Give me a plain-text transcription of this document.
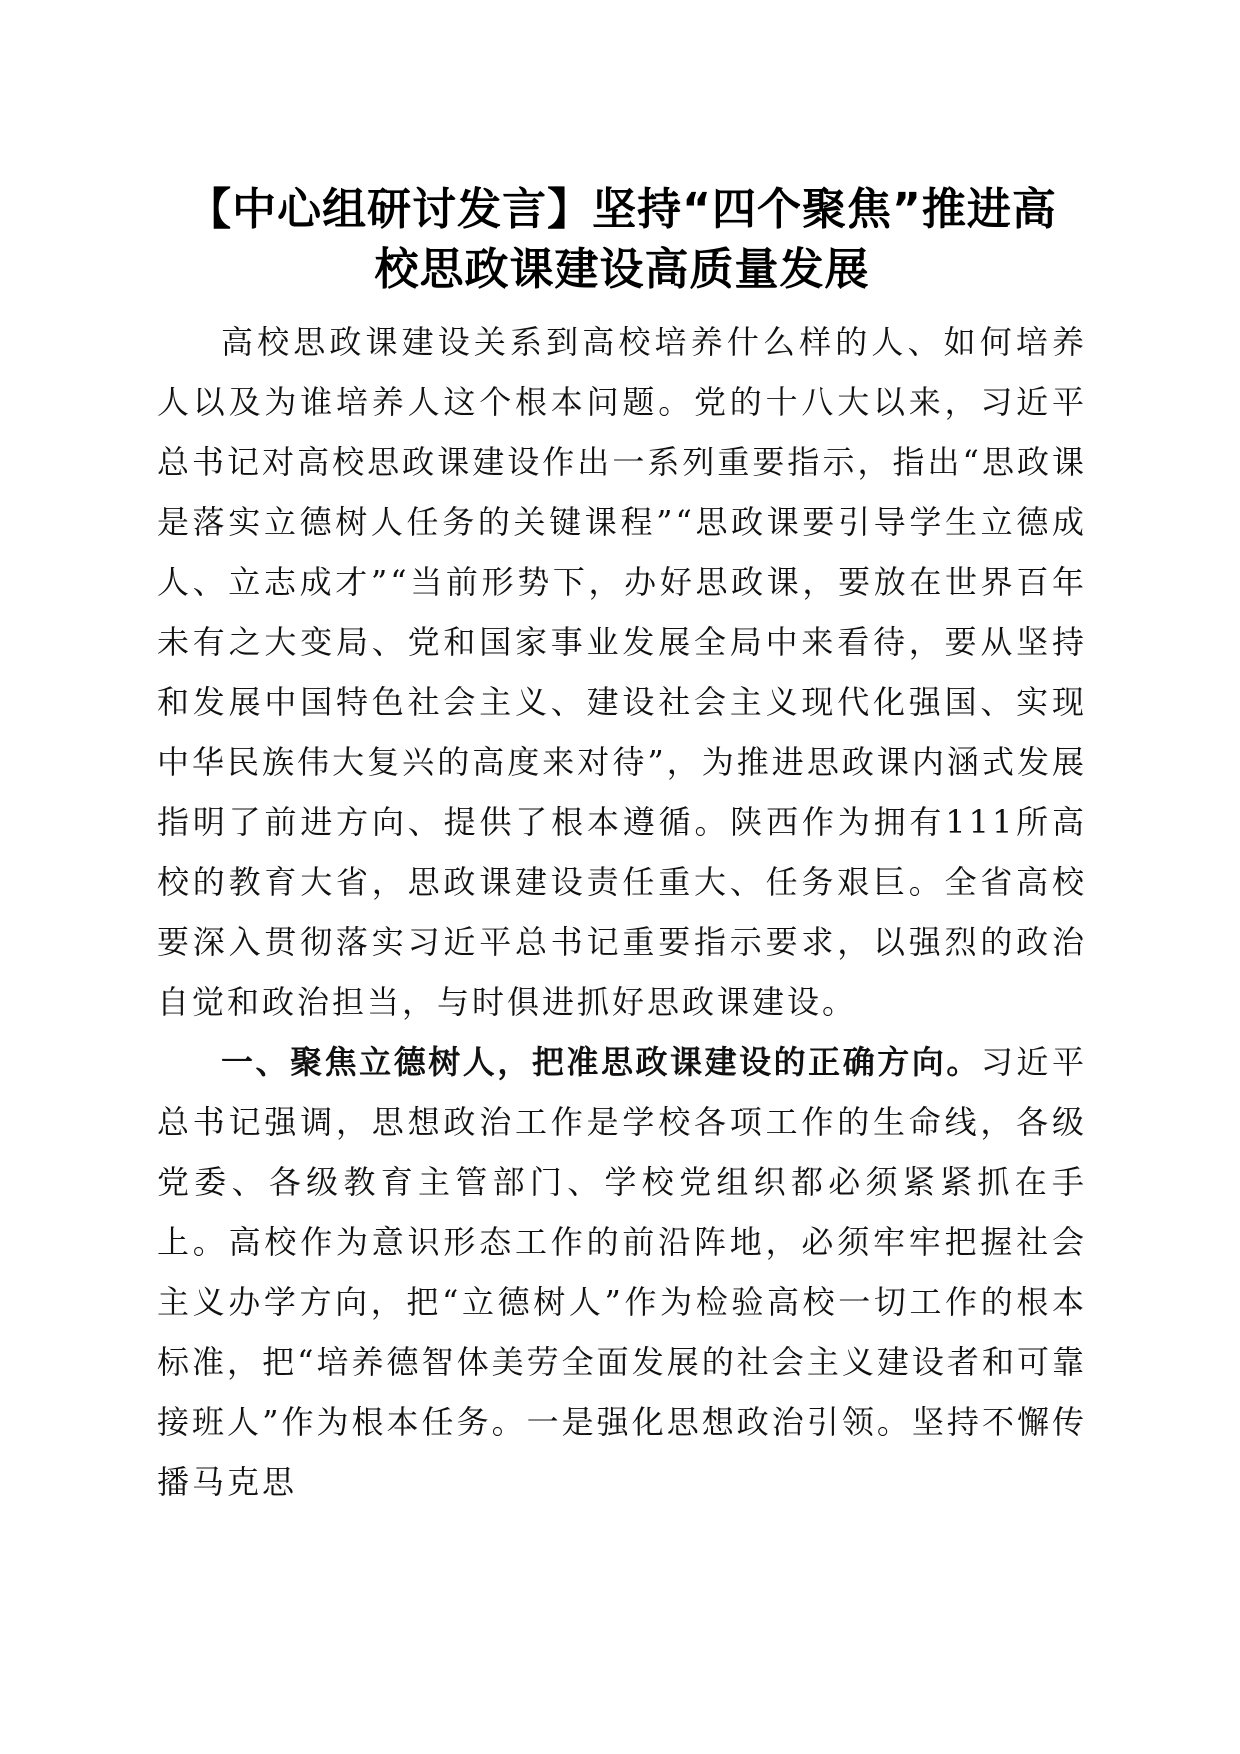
【中心组研讨发言】坚持“四个聚焦”推进高
校思政课建设高质量发展

高校思政课建设关系到高校培养什么样的人、如何培养人以及为谁培养人这个根本问题。党的十八大以来，习近平总书记对高校思政课建设作出一系列重要指示，指出“思政课是落实立德树人任务的关键课程”“思政课要引导学生立德成人、立志成才”“当前形势下，办好思政课，要放在世界百年未有之大变局、党和国家事业发展全局中来看待，要从坚持和发展中国特色社会主义、建设社会主义现代化强国、实现中华民族伟大复兴的高度来对待”，为推进思政课内涵式发展指明了前进方向、提供了根本遵循。陕西作为拥有111所高校的教育大省，思政课建设责任重大、任务艰巨。全省高校要深入贯彻落实习近平总书记重要指示要求，以强烈的政治自觉和政治担当，与时俱进抓好思政课建设。

一、聚焦立德树人，把准思政课建设的正确方向。习近平总书记强调，思想政治工作是学校各项工作的生命线，各级党委、各级教育主管部门、学校党组织都必须紧紧抓在手上。高校作为意识形态工作的前沿阵地，必须牢牢把握社会主义办学方向，把“立德树人”作为检验高校一切工作的根本标准，把“培养德智体美劳全面发展的社会主义建设者和可靠接班人”作为根本任务。一是强化思想政治引领。坚持不懈传播马克思
